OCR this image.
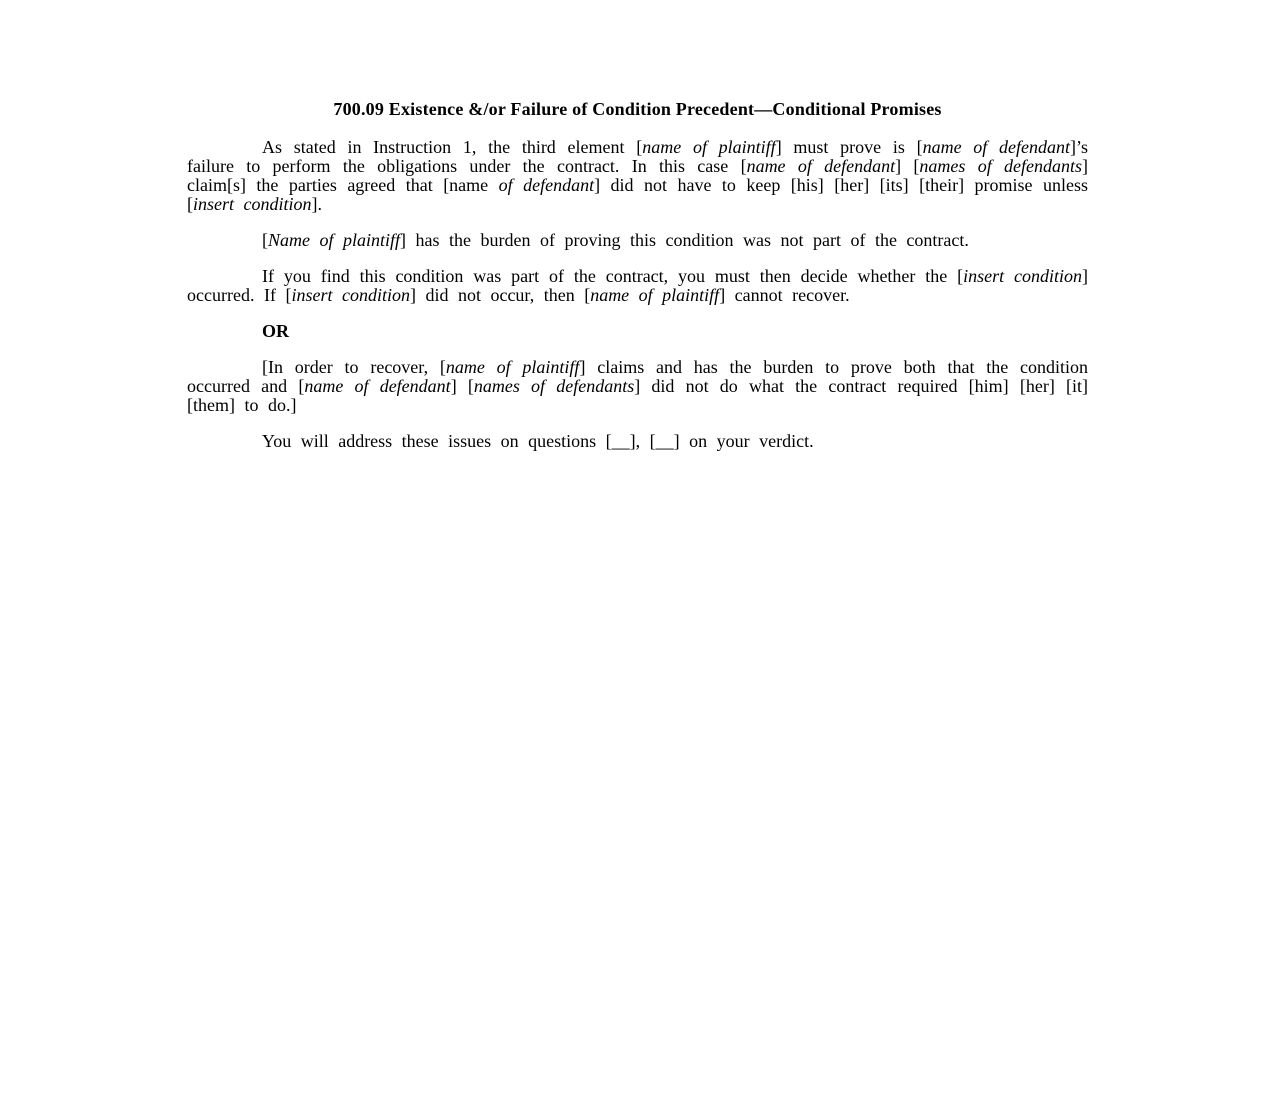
700.09 Existence &/or Failure of Condition Precedent—Conditional Promises

As stated in Instruction 1, the third element [name of plaintiff] must prove is [name of defendant]’s failure to perform the obligations under the contract. In this case [name of defendant] [names of defendants] claim[s] the parties agreed that [name of defendant] did not have to keep [his] [her] [its] [their] promise unless [insert condition].

[Name of plaintiff] has the burden of proving this condition was not part of the contract.

If you find this condition was part of the contract, you must then decide whether the [insert condition] occurred. If [insert condition] did not occur, then [name of plaintiff] cannot recover.

OR

[In order to recover, [name of plaintiff] claims and has the burden to prove both that the condition occurred and [name of defendant] [names of defendants] did not do what the contract required [him] [her] [it] [them] to do.]

You will address these issues on questions [__], [__] on your verdict.
